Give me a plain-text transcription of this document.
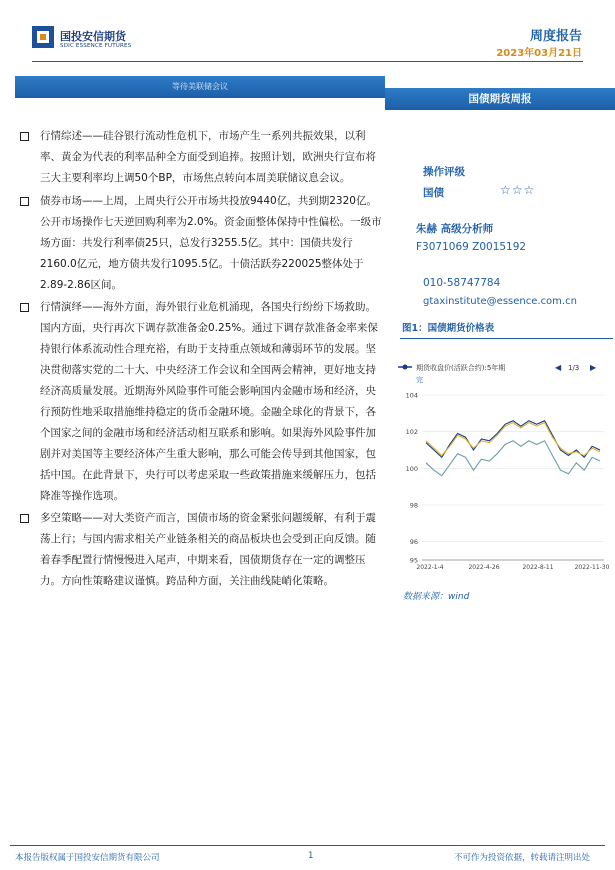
国投安信期货
SDIC ESSENCE FUTURES
周度报告
2023年03月21日
等待美联储会议
国债期货周报
行情综述——硅谷银行流动性危机下，市场产生一系列共振效果，以利率、黄金为代表的利率品种全方面受到追捧。按照计划，欧洲央行宣布将三大主要利率均上调50个BP，市场焦点转向本周美联储议息会议。
债券市场——上周，上周央行公开市场共投放9440亿，共到期2320亿。公开市场操作七天逆回购利率为2.0%。资金面整体保持中性偏松。一级市场方面：共发行利率债25只，总发行3255.5亿。其中：国债共发行2160.0亿元，地方债共发行1095.5亿。十债活跃券220025整体处于2.89-2.86区间。
行情演绎——海外方面，海外银行业危机涌现，各国央行纷纷下场救助。国内方面，央行再次下调存款准备金0.25%。通过下调存款准备金率来保持银行体系流动性合理充裕，有助于支持重点领域和薄弱环节的发展。坚决贯彻落实党的二十大、中央经济工作会议和全国两会精神，更好地支持经济高质量发展。近期海外风险事件可能会影响国内金融市场和经济，央行预防性地采取措施维持稳定的货币金融环境。金融全球化的背景下，各个国家之间的金融市场和经济活动相互联系和影响。如果海外风险事件加剧并对美国等主要经济体产生重大影响，那么可能会传导到其他国家，包括中国。在此背景下，央行可以考虑采取一些政策措施来缓解压力，包括降准等操作选项。
多空策略——对大类资产而言，国债市场的资金紧张问题缓解，有利于震荡上行；与国内需求相关产业链条相关的商品板块也会受到正向反馈。随着春季配置行情慢慢进入尾声，中期来看，国债期货存在一定的调整压力。方向性策略建议谨慎。跨品种方面，关注曲线陡峭化策略。
操作评级
国债	☆☆☆
朱赫 高级分析师
F3071069 Z0015192
010-58747784
gtaxinstitute@essence.com.cn
图1：国债期货价格表
期货收盘价(活跃合约):5年期	◀ 1/3 ▶
完
104
102
100
98
96
95
2022-1-4	2022-4-26	2022-8-11	2022-11-30
数据来源：wind
本报告版权属于国投安信期货有限公司	1	不可作为投资依据，转载请注明出处
